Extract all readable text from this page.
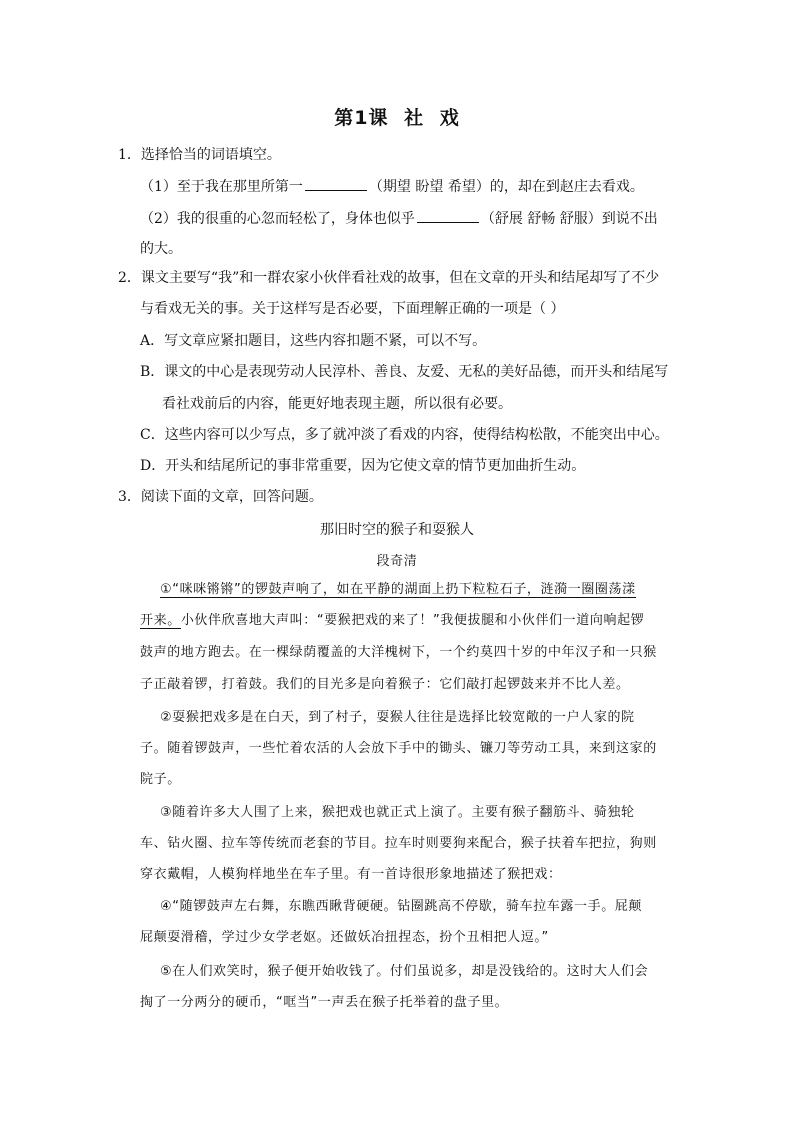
第1课 社 戏
1．选择恰当的词语填空。
（1）至于我在那里所第一	（期望 盼望 希望）的，却在到赵庄去看戏。
（2）我的很重的心忽而轻松了，身体也似乎	（舒展 舒畅 舒服）到说不出
的大。
2．课文主要写“我”和一群农家小伙伴看社戏的故事，但在文章的开头和结尾却写了不少
与看戏无关的事。关于这样写是否必要，下面理解正确的一项是（ ）
A．写文章应紧扣题目，这些内容扣题不紧，可以不写。
B．课文的中心是表现劳动人民淳朴、善良、友爱、无私的美好品德，而开头和结尾写
看社戏前后的内容，能更好地表现主题，所以很有必要。
C．这些内容可以少写点，多了就冲淡了看戏的内容，使得结构松散，不能突出中心。
D．开头和结尾所记的事非常重要，因为它使文章的情节更加曲折生动。
3．阅读下面的文章，回答问题。
那旧时空的猴子和耍猴人
段奇清
①“咪咪锵锵”的锣鼓声响了，如在平静的湖面上扔下粒粒石子，涟漪一圈圈荡漾
开来。小伙伴欣喜地大声叫：“要猴把戏的来了！”我便拔腿和小伙伴们一道向响起锣
鼓声的地方跑去。在一棵绿荫覆盖的大洋槐树下，一个约莫四十岁的中年汉子和一只猴
子正敲着锣，打着鼓。我们的目光多是向着猴子：它们敲打起锣鼓来并不比人差。
②耍猴把戏多是在白天，到了村子，耍猴人往往是选择比较宽敞的一户人家的院
子。随着锣鼓声，一些忙着农活的人会放下手中的锄头、镰刀等劳动工具，来到这家的
院子。
③随着许多大人围了上来，猴把戏也就正式上演了。主要有猴子翻筋斗、骑独轮
车、钻火圈、拉车等传统而老套的节目。拉车时则要狗来配合，猴子扶着车把拉，狗则
穿衣戴帽，人模狗样地坐在车子里。有一首诗很形象地描述了猴把戏：
④“随锣鼓声左右舞，东瞧西瞅背硬硬。钻圈跳高不停歇，骑车拉车露一手。屁颠
屁颠耍滑稽，学过少女学老妪。还做妖冶扭捏态，扮个丑相把人逗。”
⑤在人们欢笑时，猴子便开始收钱了。付们虽说多，却是没钱给的。这时大人们会
掏了一分两分的硬币，“哐当”一声丢在猴子托举着的盘子里。
